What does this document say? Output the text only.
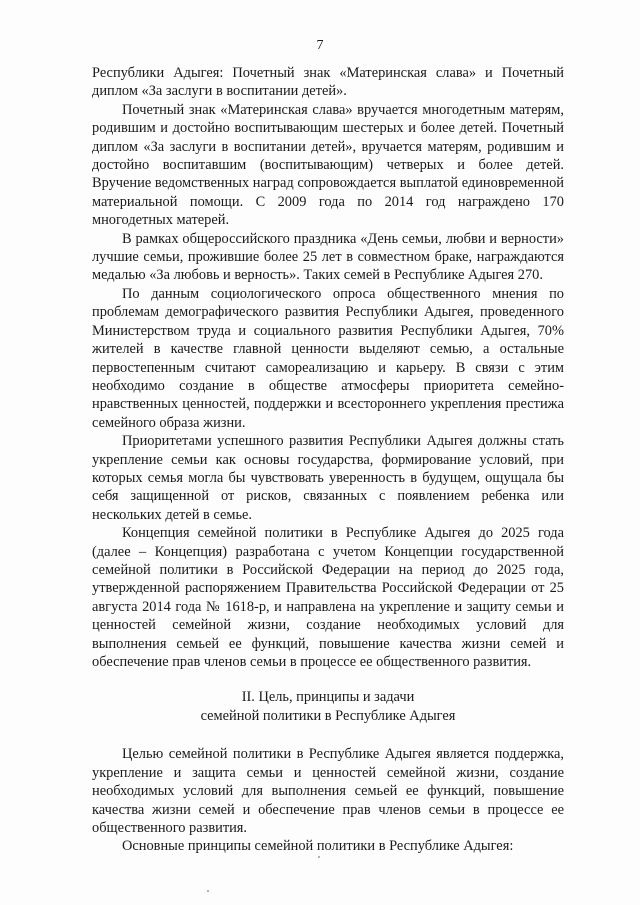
7

Республики Адыгея: Почетный знак «Материнская слава» и Почетный диплом «За заслуги в воспитании детей».

Почетный знак «Материнская слава» вручается многодетным матерям, родившим и достойно воспитывающим шестерых и более детей. Почетный диплом «За заслуги в воспитании детей», вручается матерям, родившим и достойно воспитавшим (воспитывающим) четверых и более детей. Вручение ведомственных наград сопровождается выплатой единовременной материальной помощи. С 2009 года по 2014 год награждено 170 многодетных матерей.

В рамках общероссийского праздника «День семьи, любви и верности» лучшие семьи, прожившие более 25 лет в совместном браке, награждаются медалью «За любовь и верность». Таких семей в Республике Адыгея 270.

По данным социологического опроса общественного мнения по проблемам демографического развития Республики Адыгея, проведенного Министерством труда и социального развития Республики Адыгея, 70% жителей в качестве главной ценности выделяют семью, а остальные первостепенным считают самореализацию и карьеру. В связи с этим необходимо создание в обществе атмосферы приоритета семейно-нравственных ценностей, поддержки и всестороннего укрепления престижа семейного образа жизни.

Приоритетами успешного развития Республики Адыгея должны стать укрепление семьи как основы государства, формирование условий, при которых семья могла бы чувствовать уверенность в будущем, ощущала бы себя защищенной от рисков, связанных с появлением ребенка или нескольких детей в семье.

Концепция семейной политики в Республике Адыгея до 2025 года (далее – Концепция) разработана с учетом Концепции государственной семейной политики в Российской Федерации на период до 2025 года, утвержденной распоряжением Правительства Российской Федерации от 25 августа 2014 года № 1618-р, и направлена на укрепление и защиту семьи и ценностей семейной жизни, создание необходимых условий для выполнения семьей ее функций, повышение качества жизни семей и обеспечение прав членов семьи в процессе ее общественного развития.

II. Цель, принципы и задачи
семейной политики в Республике Адыгея

Целью семейной политики в Республике Адыгея является поддержка, укрепление и защита семьи и ценностей семейной жизни, создание необходимых условий для выполнения семьей ее функций, повышение качества жизни семей и обеспечение прав членов семьи в процессе ее общественного развития.

Основные принципы семейной политики в Республике Адыгея:
